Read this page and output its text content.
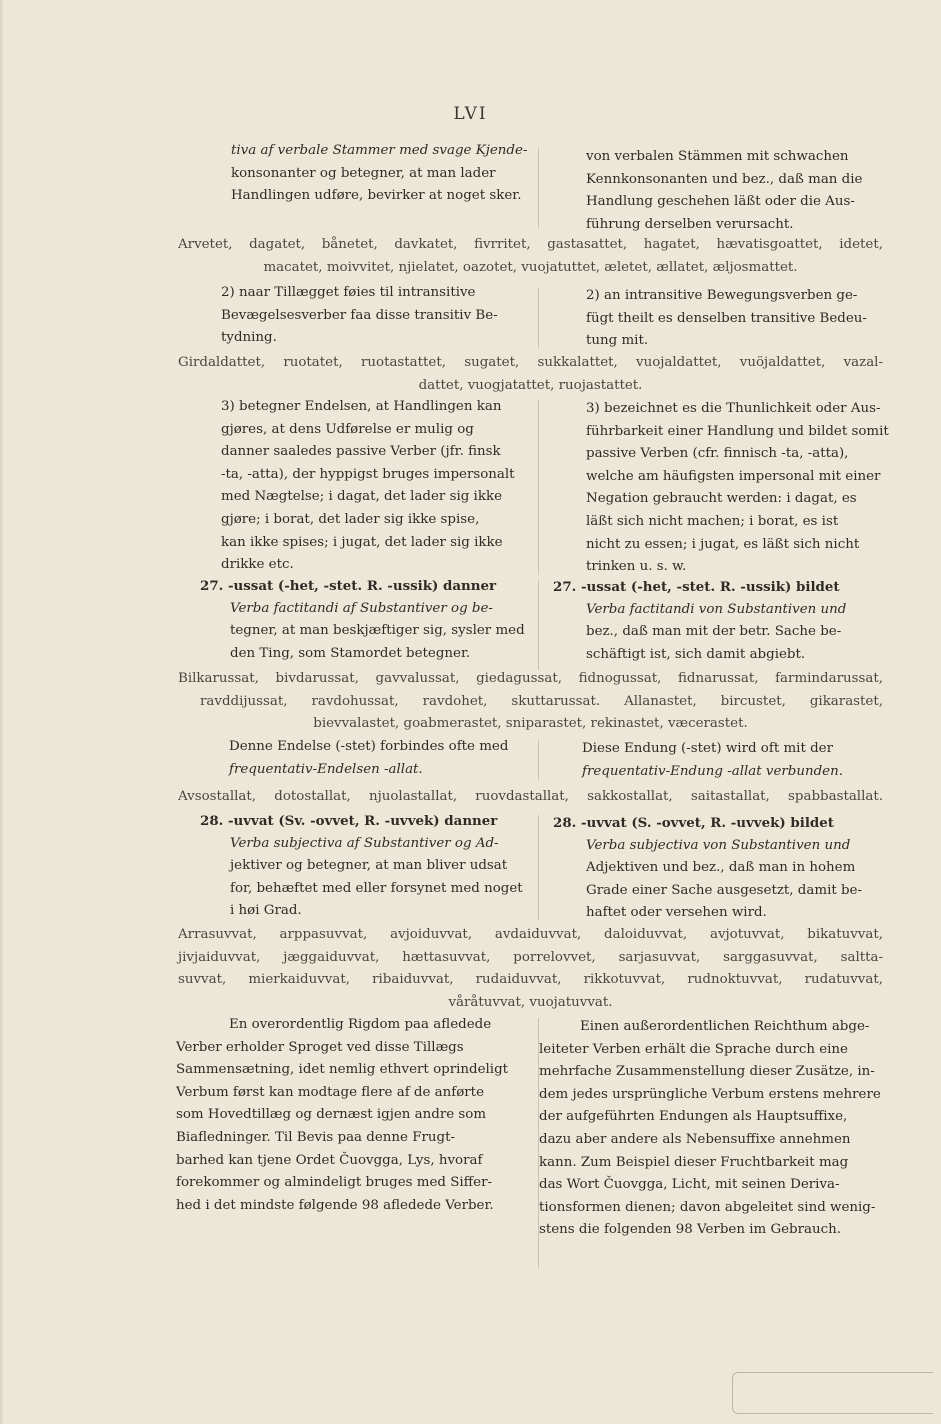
LVI
tiva af verbale Stammer med svage Kjende-
konsonanter og betegner, at man lader
Handlingen udføre, bevirker at noget sker.
von verbalen Stämmen mit schwachen
Kennkonsonanten und bez., daß man die
Handlung geschehen läßt oder die Aus-
führung derselben verursacht.
Arvetet, dagatet, bånetet, davkatet, fivrritet, gastasattet, hagatet, hævatisgoattet, idetet,
macatet, moivvitet, njielatet, oazotet, vuojatuttet, æletet, ællatet, æljosmattet.
2) naar Tillægget føies til intransitive
Bevægelsesverber faa disse transitiv Be-
tydning.
2) an intransitive Bewegungsverben ge-
fügt theilt es denselben transitive Bedeu-
tung mit.
Girdaldattet, ruotatet, ruotastattet, sugatet, sukkalattet, vuojaldattet, vuöjaldattet, vazal-
dattet, vuogjatattet, ruojastattet.
3) betegner Endelsen, at Handlingen kan
gjøres, at dens Udførelse er mulig og
danner saaledes passive Verber (jfr. finsk
-ta, -atta), der hyppigst bruges impersonalt
med Nægtelse; i dagat, det lader sig ikke
gjøre; i borat, det lader sig ikke spise,
kan ikke spises; i jugat, det lader sig ikke
drikke etc.
3) bezeichnet es die Thunlichkeit oder Aus-
führbarkeit einer Handlung und bildet somit
passive Verben (cfr. finnisch -ta, -atta),
welche am häufigsten impersonal mit einer
Negation gebraucht werden: i dagat, es
läßt sich nicht machen; i borat, es ist
nicht zu essen; i jugat, es läßt sich nicht
trinken u. s. w.
27. -ussat (-het, -stet. R. -ussik) danner
Verba factitandi af Substantiver og be-
tegner, at man beskjæftiger sig, sysler med
den Ting, som Stamordet betegner.
27. -ussat (-het, -stet. R. -ussik) bildet
Verba factitandi von Substantiven und
bez., daß man mit der betr. Sache be-
schäftigt ist, sich damit abgiebt.
Bilkarussat, bivdarussat, gavvalussat, giedagussat, fidnogussat, fidnarussat, farmindarussat,
ravddijussat, ravdohussat, ravdohet, skuttarussat. Allanastet, bircustet, gikarastet,
bievvalastet, goabmerastet, sniparastet, rekinastet, væcerastet.
Denne Endelse (-stet) forbindes ofte med
frequentativ-Endelsen -allat.
Diese Endung (-stet) wird oft mit der
frequentativ-Endung -allat verbunden.
Avsostallat, dotostallat, njuolastallat, ruovdastallat, sakkostallat, saitastallat, spabbastallat.
28. -uvvat (Sv. -ovvet, R. -uvvek) danner
Verba subjectiva af Substantiver og Ad-
jektiver og betegner, at man bliver udsat
for, behæftet med eller forsynet med noget
i høi Grad.
28. -uvvat (S. -ovvet, R. -uvvek) bildet
Verba subjectiva von Substantiven und
Adjektiven und bez., daß man in hohem
Grade einer Sache ausgesetzt, damit be-
haftet oder versehen wird.
Arrasuvvat, arppasuvvat, avjoiduvvat, avdaiduvvat, daloiduvvat, avjotuvvat, bikatuvvat,
jivjaiduvvat, jæggaiduvvat, hættasuvvat, porrelovvet, sarjasuvvat, sarggasuvvat, saltta-
suvvat, mierkaiduvvat, ribaiduvvat, rudaiduvvat, rikkotuvvat, rudnoktuvvat, rudatuvvat,
våråtuvvat, vuojatuvvat.
En overordentlig Rigdom paa afledede
Verber erholder Sproget ved disse Tillægs
Sammensætning, idet nemlig ethvert oprindeligt
Verbum først kan modtage flere af de anførte
som Hovedtillæg og dernæst igjen andre som
Biafledninger. Til Bevis paa denne Frugt-
barhed kan tjene Ordet Čuovgga, Lys, hvoraf
forekommer og almindeligt bruges med Siffer-
hed i det mindste følgende 98 afledede Verber.
Einen außerordentlichen Reichthum abge-
leiteter Verben erhält die Sprache durch eine
mehrfache Zusammenstellung dieser Zusätze, in-
dem jedes ursprüngliche Verbum erstens mehrere
der aufgeführten Endungen als Hauptsuffixe,
dazu aber andere als Nebensuffixe annehmen
kann. Zum Beispiel dieser Fruchtbarkeit mag
das Wort Čuovgga, Licht, mit seinen Deriva-
tionsformen dienen; davon abgeleitet sind wenig-
stens die folgenden 98 Verben im Gebrauch.
